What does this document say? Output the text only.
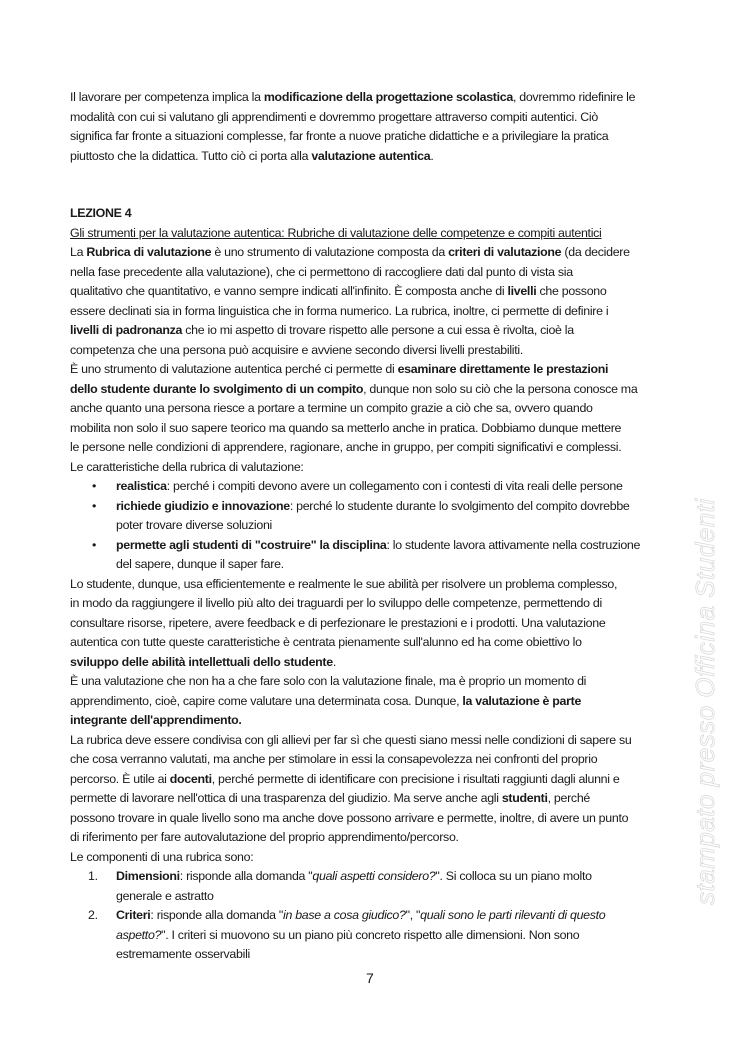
Il lavorare per competenza implica la modificazione della progettazione scolastica, dovremmo ridefinire le
modalità con cui si valutano gli apprendimenti e dovremmo progettare attraverso compiti autentici. Ciò
significa far fronte a situazioni complesse, far fronte a nuove pratiche didattiche e a privilegiare la pratica
piuttosto che la didattica. Tutto ciò ci porta alla valutazione autentica.
LEZIONE 4
Gli strumenti per la valutazione autentica: Rubriche di valutazione delle competenze e compiti autentici
La Rubrica di valutazione è uno strumento di valutazione composta da criteri di valutazione (da decidere
nella fase precedente alla valutazione), che ci permettono di raccogliere dati dal punto di vista sia
qualitativo che quantitativo, e vanno sempre indicati all'infinito. È composta anche di livelli che possono
essere declinati sia in forma linguistica che in forma numerico. La rubrica, inoltre, ci permette di definire i
livelli di padronanza che io mi aspetto di trovare rispetto alle persone a cui essa è rivolta, cioè la
competenza che una persona può acquisire e avviene secondo diversi livelli prestabiliti.
È uno strumento di valutazione autentica perché ci permette di esaminare direttamente le prestazioni
dello studente durante lo svolgimento di un compito, dunque non solo su ciò che la persona conosce ma
anche quanto una persona riesce a portare a termine un compito grazie a ciò che sa, ovvero quando
mobilita non solo il suo sapere teorico ma quando sa metterlo anche in pratica. Dobbiamo dunque mettere
le persone nelle condizioni di apprendere, ragionare, anche in gruppo, per compiti significativi e complessi.
Le caratteristiche della rubrica di valutazione:
• realistica: perché i compiti devono avere un collegamento con i contesti di vita reali delle persone
• richiede giudizio e innovazione: perché lo studente durante lo svolgimento del compito dovrebbe
poter trovare diverse soluzioni
• permette agli studenti di "costruire" la disciplina: lo studente lavora attivamente nella costruzione
del sapere, dunque il saper fare.
Lo studente, dunque, usa efficientemente e realmente le sue abilità per risolvere un problema complesso,
in modo da raggiungere il livello più alto dei traguardi per lo sviluppo delle competenze, permettendo di
consultare risorse, ripetere, avere feedback e di perfezionare le prestazioni e i prodotti. Una valutazione
autentica con tutte queste caratteristiche è centrata pienamente sull'alunno ed ha come obiettivo lo
sviluppo delle abilità intellettuali dello studente.
È una valutazione che non ha a che fare solo con la valutazione finale, ma è proprio un momento di
apprendimento, cioè, capire come valutare una determinata cosa. Dunque, la valutazione è parte
integrante dell'apprendimento.
La rubrica deve essere condivisa con gli allievi per far sì che questi siano messi nelle condizioni di sapere su
che cosa verranno valutati, ma anche per stimolare in essi la consapevolezza nei confronti del proprio
percorso. È utile ai docenti, perché permette di identificare con precisione i risultati raggiunti dagli alunni e
permette di lavorare nell'ottica di una trasparenza del giudizio. Ma serve anche agli studenti, perché
possono trovare in quale livello sono ma anche dove possono arrivare e permette, inoltre, di avere un punto
di riferimento per fare autovalutazione del proprio apprendimento/percorso.
Le componenti di una rubrica sono:
1. Dimensioni: risponde alla domanda "quali aspetti considero?". Si colloca su un piano molto
generale e astratto
2. Criteri: risponde alla domanda "in base a cosa giudico?", "quali sono le parti rilevanti di questo
aspetto?". I criteri si muovono su un piano più concreto rispetto alle dimensioni. Non sono
estremamente osservabili
7
stampato presso Officina Studenti
